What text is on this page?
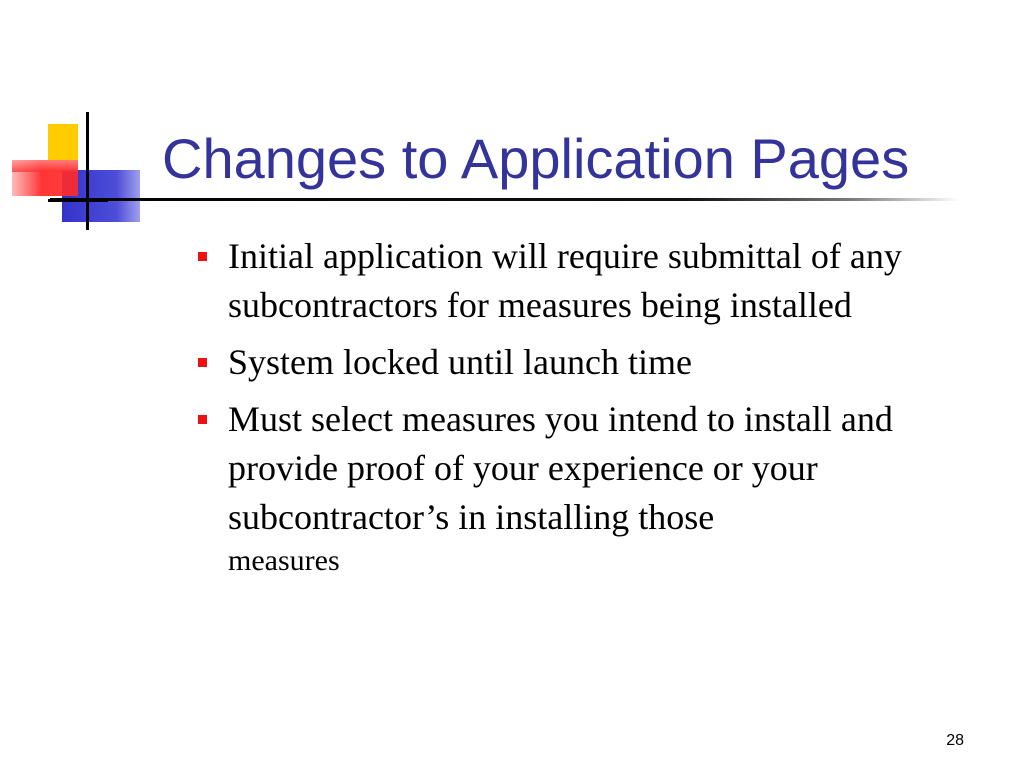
Changes to Application Pages
Initial application will require submittal of any subcontractors for measures being installed
System locked until launch time
Must select measures you intend to install and provide proof of your experience or your subcontractor’s in installing those
measures
28
